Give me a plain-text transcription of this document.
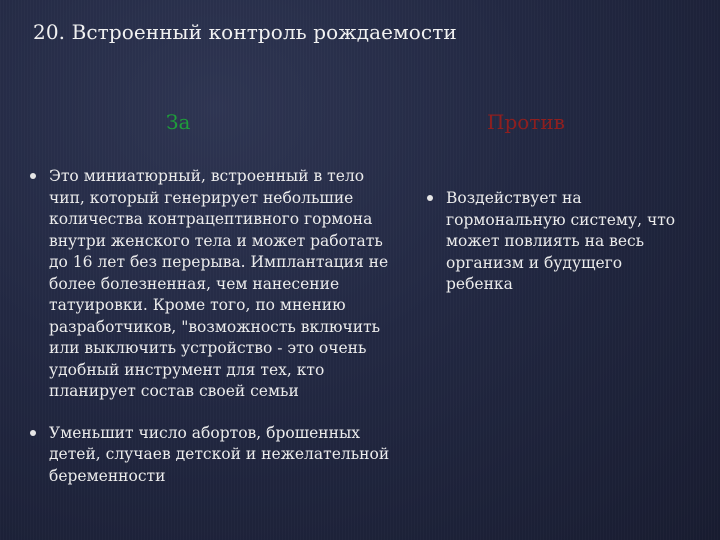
20. Встроенный контроль рождаемости
За	Против
Это миниатюрный, встроенный в тело чип, который генерирует небольшие количества контрацептивного гормона внутри женского тела и может работать до 16 лет без перерыва. Имплантация не более болезненная, чем нанесение татуировки. Кроме того, по мнению разработчиков, "возможность включить или выключить устройство - это очень удобный инструмент для тех, кто планирует состав своей семьи
Уменьшит число абортов, брошенных детей, случаев детской и нежелательной беременности
Воздействует на гормональную систему, что может повлиять на весь организм и будущего ребенка
